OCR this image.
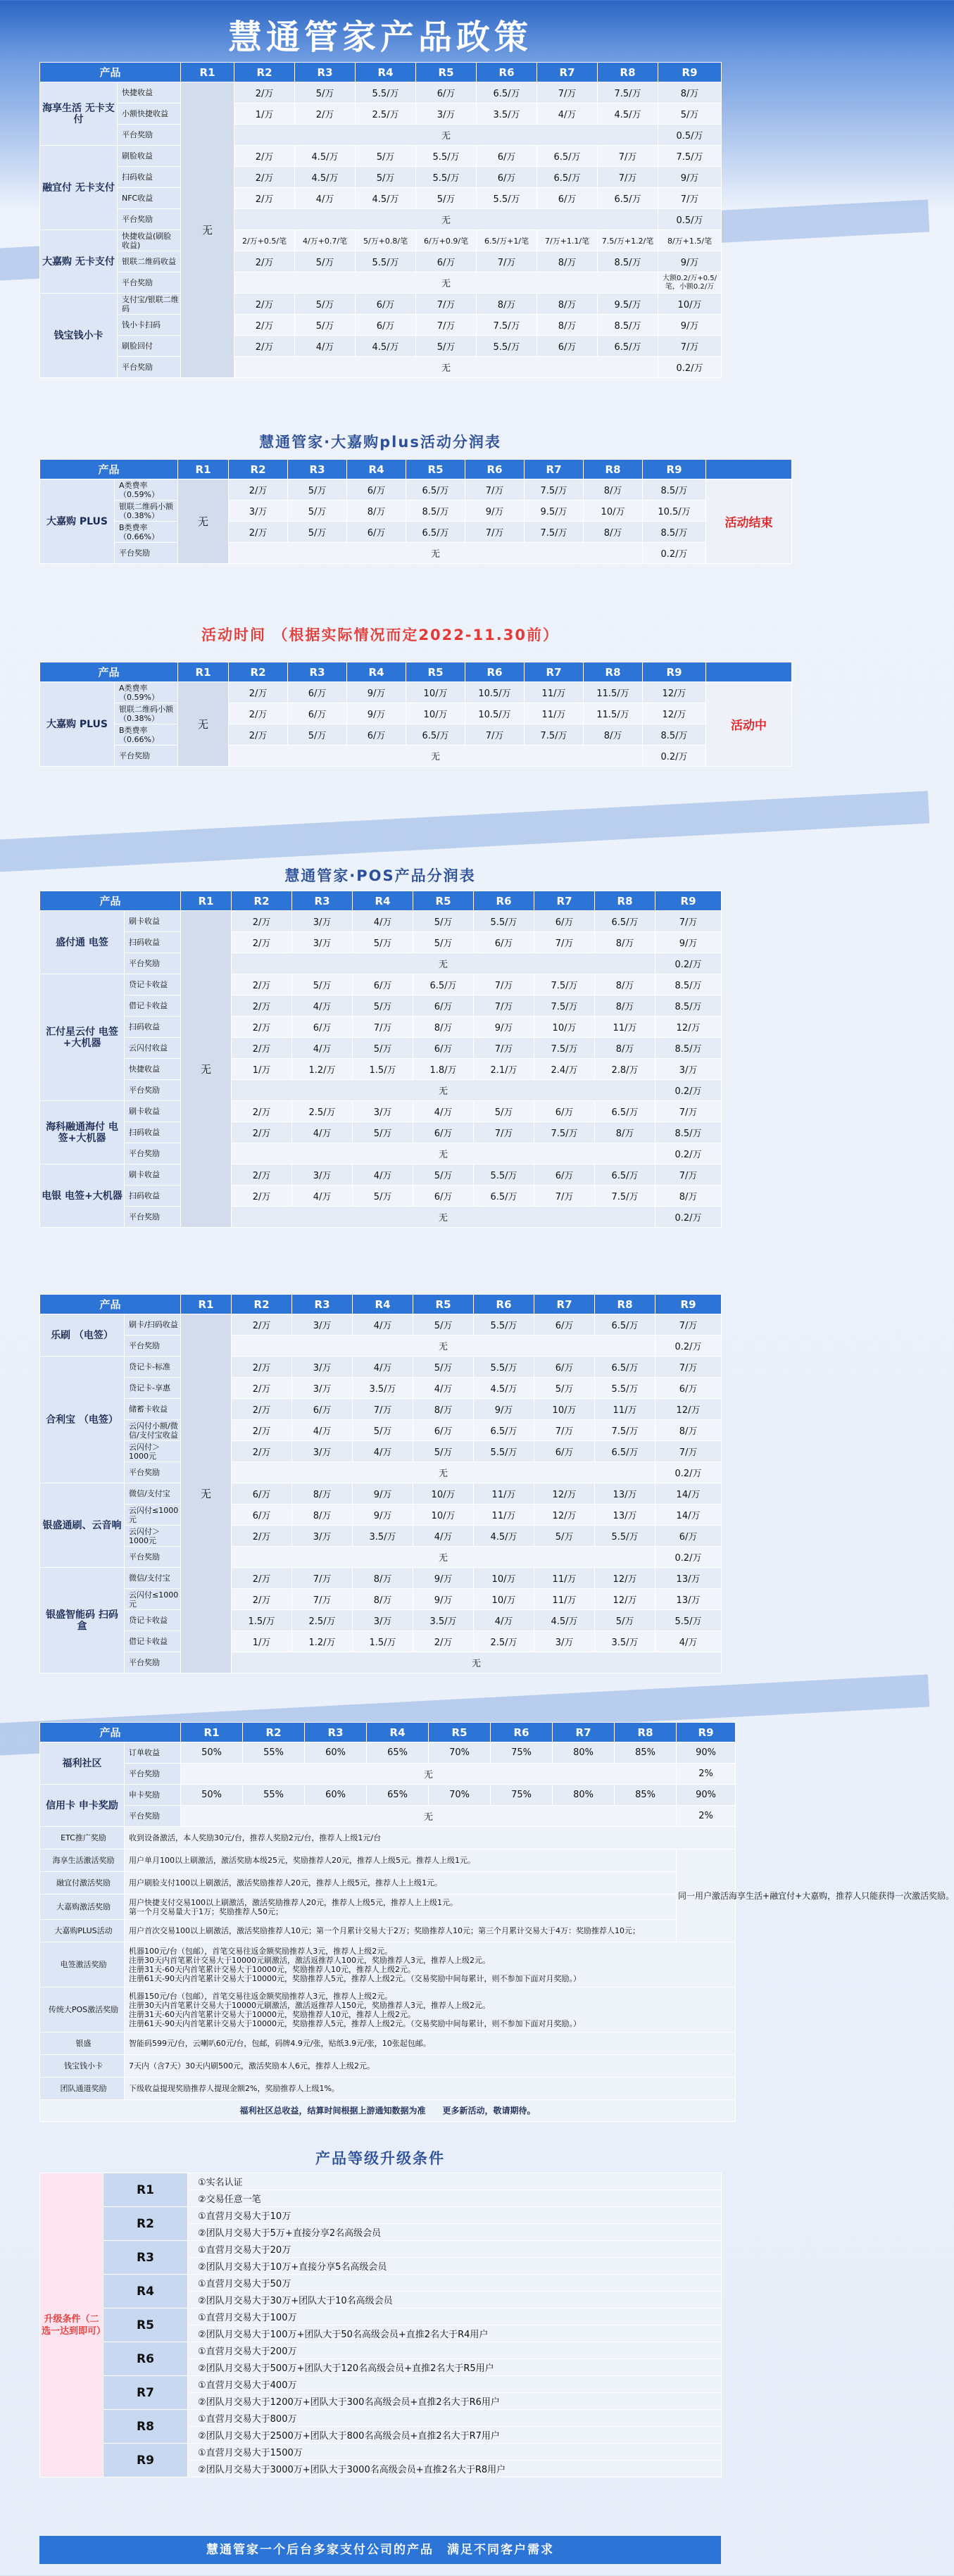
慧通管家产品政策
产品		R1	R2	R3	R4	R5	R6	R7	R8	R9
海享生活 无卡支付	快捷收益	无	2/万	5/万	5.5/万	6/万	6.5/万	7/万	7.5/万	8/万
	小额快捷收益		1/万	2/万	2.5/万	3/万	3.5/万	4/万	4.5/万	5/万
	平台奖励		无							0.5/万
融宜付 无卡支付	刷脸收益		2/万	4.5/万	5/万	5.5/万	6/万	6.5/万	7/万	7.5/万
	扫码收益		2/万	4.5/万	5/万	5.5/万	6/万	6.5/万	7/万	9/万
	NFC收益		2/万	4/万	4.5/万	5/万	5.5/万	6/万	6.5/万	7/万
	平台奖励		无							0.5/万
大嘉购 无卡支付	快捷收益(刷脸收益)		2/万+0.5/笔	4/万+0.7/笔	5/万+0.8/笔	6/万+0.9/笔	6.5/万+1/笔	7/万+1.1/笔	7.5/万+1.2/笔	8/万+1.5/笔
	银联二维码收益		2/万	5/万	5.5/万	6/万	7/万	8/万	8.5/万	9/万
	平台奖励		无							大额0.2/万+0.5/笔，小额0.2/万
钱宝钱小卡	支付宝/银联二维码		2/万	5/万	6/万	7/万	8/万	8/万	9.5/万	10/万
	钱小卡扫码		2/万	5/万	6/万	7/万	7.5/万	8/万	8.5/万	9/万
	刷脸回付		2/万	4/万	4.5/万	5/万	5.5/万	6/万	6.5/万	7/万
	平台奖励		无							0.2/万
慧通管家·大嘉购plus活动分润表
产品		R1	R2	R3	R4	R5	R6	R7	R8	R9	
大嘉购 PLUS	A类费率（0.59%）	无	2/万	5/万	6/万	6.5/万	7/万	7.5/万	8/万	8.5/万	活动结束
	银联二维码小额（0.38%）		3/万	5/万	8/万	8.5/万	9/万	9.5/万	10/万	10.5/万	
	B类费率（0.66%）		2/万	5/万	6/万	6.5/万	7/万	7.5/万	8/万	8.5/万	
	平台奖励		无							0.2/万	
活动时间 （根据实际情况而定2022-11.30前）
产品		R1	R2	R3	R4	R5	R6	R7	R8	R9	
大嘉购 PLUS	A类费率（0.59%）	无	2/万	6/万	9/万	10/万	10.5/万	11/万	11.5/万	12/万	活动中
	银联二维码小额（0.38%）		2/万	6/万	9/万	10/万	10.5/万	11/万	11.5/万	12/万	
	B类费率（0.66%）		2/万	5/万	6/万	6.5/万	7/万	7.5/万	8/万	8.5/万	
	平台奖励		无							0.2/万	
慧通管家·POS产品分润表
产品		R1	R2	R3	R4	R5	R6	R7	R8	R9
盛付通 电签	刷卡收益	无	2/万	3/万	4/万	5/万	5.5/万	6/万	6.5/万	7/万
	扫码收益		2/万	3/万	5/万	5/万	6/万	7/万	8/万	9/万
	平台奖励		无							0.2/万
汇付星云付 电签+大机器	贷记卡收益		2/万	5/万	6/万	6.5/万	7/万	7.5/万	8/万	8.5/万
	借记卡收益		2/万	4/万	5/万	6/万	7/万	7.5/万	8/万	8.5/万
	扫码收益		2/万	6/万	7/万	8/万	9/万	10/万	11/万	12/万
	云闪付收益		2/万	4/万	5/万	6/万	7/万	7.5/万	8/万	8.5/万
	快捷收益		1/万	1.2/万	1.5/万	1.8/万	2.1/万	2.4/万	2.8/万	3/万
	平台奖励		无							0.2/万
海科融通海付 电签+大机器	刷卡收益		2/万	2.5/万	3/万	4/万	5/万	6/万	6.5/万	7/万
	扫码收益		2/万	4/万	5/万	6/万	7/万	7.5/万	8/万	8.5/万
	平台奖励		无							0.2/万
电银 电签+大机器	刷卡收益		2/万	3/万	4/万	5/万	5.5/万	6/万	6.5/万	7/万
	扫码收益		2/万	4/万	5/万	6/万	6.5/万	7/万	7.5/万	8/万
	平台奖励		无							0.2/万
产品		R1	R2	R3	R4	R5	R6	R7	R8	R9
乐刷 （电签）	刷卡/扫码收益	无	2/万	3/万	4/万	5/万	5.5/万	6/万	6.5/万	7/万
	平台奖励		无							0.2/万
合利宝 （电签）	贷记卡-标准		2/万	3/万	4/万	5/万	5.5/万	6/万	6.5/万	7/万
	贷记卡-享惠		2/万	3/万	3.5/万	4/万	4.5/万	5/万	5.5/万	6/万
	储蓄卡收益		2/万	6/万	7/万	8/万	9/万	10/万	11/万	12/万
	云闪付小额/微信/支付宝收益		2/万	4/万	5/万	6/万	6.5/万	7/万	7.5/万	8/万
	云闪付＞1000元		2/万	3/万	4/万	5/万	5.5/万	6/万	6.5/万	7/万
	平台奖励		无							0.2/万
银盛通刷、云音响	微信/支付宝		6/万	8/万	9/万	10/万	11/万	12/万	13/万	14/万
	云闪付≤1000元		6/万	8/万	9/万	10/万	11/万	12/万	13/万	14/万
	云闪付＞1000元		2/万	3/万	3.5/万	4/万	4.5/万	5/万	5.5/万	6/万
	平台奖励		无							0.2/万
银盛智能码 扫码盒	微信/支付宝		2/万	7/万	8/万	9/万	10/万	11/万	12/万	13/万
	云闪付≤1000元		2/万	7/万	8/万	9/万	10/万	11/万	12/万	13/万
	贷记卡收益		1.5/万	2.5/万	3/万	3.5/万	4/万	4.5/万	5/万	5.5/万
	借记卡收益		1/万	1.2/万	1.5/万	2/万	2.5/万	3/万	3.5/万	4/万
	平台奖励		无							
产品		R1	R2	R3	R4	R5	R6	R7	R8	R9
福利社区	订单收益	50%	55%	60%	65%	70%	75%	80%	85%	90%
	平台奖励	无								2%
信用卡 申卡奖励	申卡奖励	50%	55%	60%	65%	70%	75%	80%	85%	90%
	平台奖励	无								2%
ETC推广奖励	收到设备激活，本人奖励30元/台，推荐人奖励2元/台，推荐人上级1元/台									
海享生活激活奖励	用户单月100以上刷激活，激活奖励本级25元，奖励推荐人20元，推荐人上级5元。推荐人上级1元。									同一用户激活海享生活+融宜付+大嘉购，推荐人只能获得一次激活奖励。
融宜付激活奖励	用户刷脸支付100以上刷激活，激活奖励推荐人20元，推荐人上级5元，推荐人上上级1元。									
大嘉购激活奖励	用户快捷支付交易100以上刷激活，激活奖励推荐人20元，推荐人上级5元，推荐人上上级1元。
第一个月交易量大于1万；奖励推荐人50元；									
大嘉购PLUS活动	用户首次交易100以上刷激活，激活奖励推荐人10元；第一个月累计交易大于2万；奖励推荐人10元；第三个月累计交易大于4万：奖励推荐人10元；									
电签激活奖励	机器100元/台（包邮），首笔交易往返金额奖励推荐人3元，推荐人上级2元。
注册30天内首笔累计交易大于10000元刷激活，激活返推荐人100元，奖励推荐人3元，推荐人上级2元。
注册31天-60天内首笔累计交易大于10000元，奖励推荐人10元，推荐人上级2元。
注册61天-90天内首笔累计交易大于10000元，奖励推荐人5元，推荐人上级2元。（交易奖励中间每累计，则不参加下面对月奖励。）									
传统大POS激活奖励	机器150元/台（包邮），首笔交易往返金额奖励推荐人3元，推荐人上级2元。
注册30天内首笔累计交易大于10000元刷激活，激活返推荐人150元，奖励推荐人3元，推荐人上级2元。
注册31天-60天内首笔累计交易大于10000元，奖励推荐人10元，推荐人上级2元。
注册61天-90天内首笔累计交易大于10000元，奖励推荐人5元，推荐人上级2元。（交易奖励中间每累计，则不参加下面对月奖励。）									
银盛	智能码599元/台，云喇叭60元/台，包邮，码牌4.9元/张，贴纸3.9元/张，10张起包邮。									
钱宝钱小卡	7天内（含7天）30天内刷500元，激活奖励本人6元，推荐人上级2元。									
团队通道奖励	下级收益提现奖励推荐人提现金额2%，奖励推荐人上级1%。									
福利社区总收益，结算时间根据上游通知数据为准　　更多新活动，敬请期待。										
产品等级升级条件
升级条件（二选一达到即可）	R1	①实名认证
		②交易任意一笔
	R2	①直营月交易大于10万
		②团队月交易大于5万+直接分享2名高级会员
	R3	①直营月交易大于20万
		②团队月交易大于10万+直接分享5名高级会员
	R4	①直营月交易大于50万
		②团队月交易大于30万+团队大于10名高级会员
	R5	①直营月交易大于100万
		②团队月交易大于100万+团队大于50名高级会员+直推2名大于R4用户
	R6	①直营月交易大于200万
		②团队月交易大于500万+团队大于120名高级会员+直推2名大于R5用户
	R7	①直营月交易大于400万
		②团队月交易大于1200万+团队大于300名高级会员+直推2名大于R6用户
	R8	①直营月交易大于800万
		②团队月交易大于2500万+团队大于800名高级会员+直推2名大于R7用户
	R9	①直营月交易大于1500万
		②团队月交易大于3000万+团队大于3000名高级会员+直推2名大于R8用户
慧通管家一个后台多家支付公司的产品　满足不同客户需求
